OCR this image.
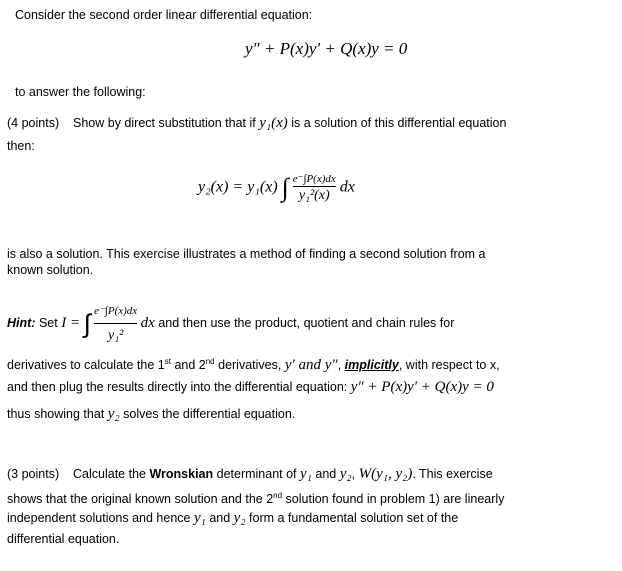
Consider the second order linear differential equation:
y″ + P(x)y′ + Q(x)y = 0
to answer the following:
(4 points) Show by direct substitution that if y₁(x) is a solution of this differential equation
then:
y₂(x) = y₁(x) ∫ $\frac{e^-\int P(x)dx}{\text{y₁²(x)}}$ dx
is also a solution. This exercise illustrates a method of finding a second solution from a
known solution.
Hint: Set I = ∫ $\frac{e^-\int P(x)dx}{\text{y₁²}}$ dx and then use the product, quotient and chain rules for
derivatives to calculate the 1st and 2nd derivatives, y′ and y″, implicitly, with respect to x,
and then plug the results directly into the differential equation: y″ + P(x)y′ + Q(x)y = 0
thus showing that y₂ solves the differential equation.
(3 points) Calculate the Wronskian determinant of y₁ and y₂, W(y₁, y₂). This exercise
shows that the original known solution and the 2nd solution found in problem 1) are linearly
independent solutions and hence y₁ and y₂ form a fundamental solution set of the
differential equation.
